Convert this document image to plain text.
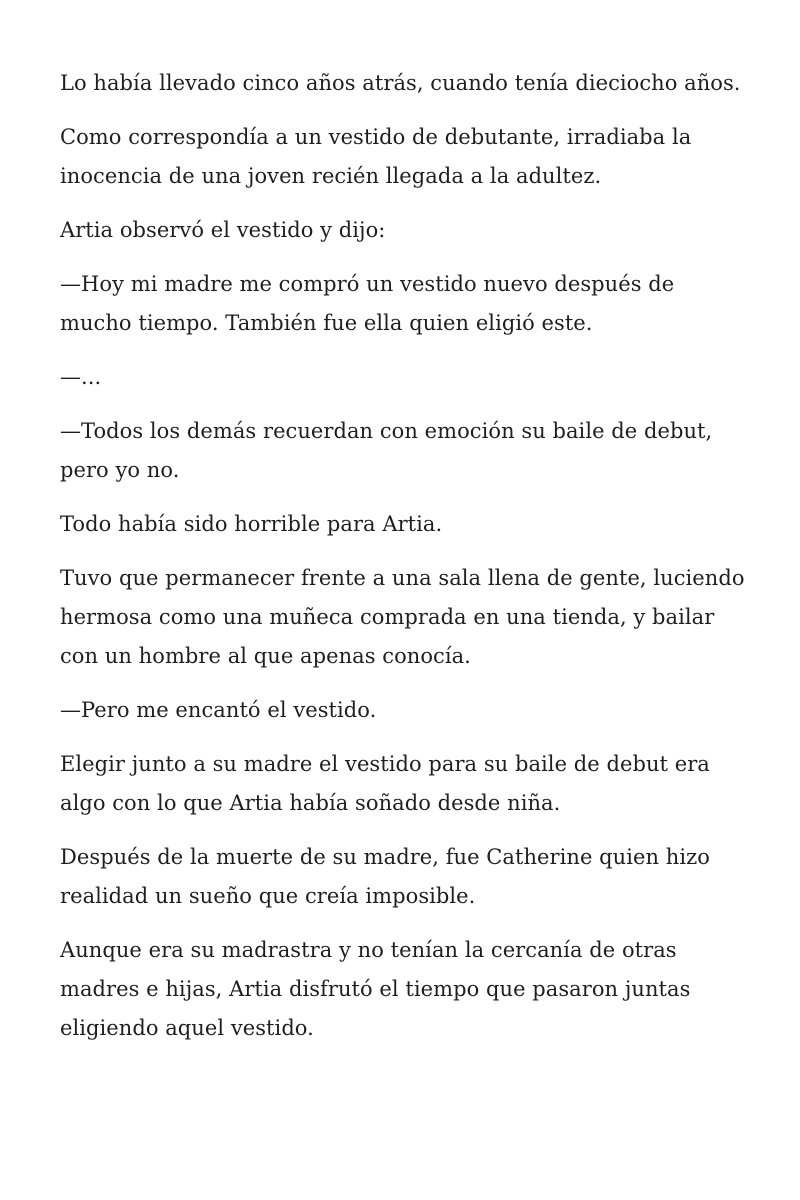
Lo había llevado cinco años atrás, cuando tenía dieciocho años.

Como correspondía a un vestido de debutante, irradiaba la inocencia de una joven recién llegada a la adultez.

Artia observó el vestido y dijo:

—Hoy mi madre me compró un vestido nuevo después de mucho tiempo. También fue ella quien eligió este.

—...

—Todos los demás recuerdan con emoción su baile de debut, pero yo no.

Todo había sido horrible para Artia.

Tuvo que permanecer frente a una sala llena de gente, luciendo hermosa como una muñeca comprada en una tienda, y bailar con un hombre al que apenas conocía.

—Pero me encantó el vestido.

Elegir junto a su madre el vestido para su baile de debut era algo con lo que Artia había soñado desde niña.

Después de la muerte de su madre, fue Catherine quien hizo realidad un sueño que creía imposible.

Aunque era su madrastra y no tenían la cercanía de otras madres e hijas, Artia disfrutó el tiempo que pasaron juntas eligiendo aquel vestido.
